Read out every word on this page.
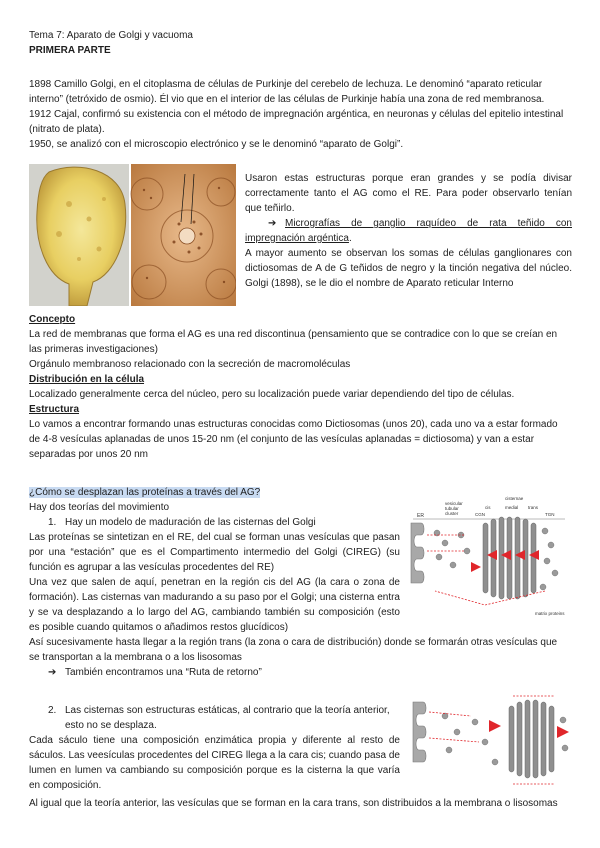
Tema 7: Aparato de Golgi y vacuoma
PRIMERA PARTE
1898 Camillo Golgi, en el citoplasma de células de Purkinje del cerebelo de lechuza. Le denominó “aparato reticular
interno” (tetróxido de osmio). Él vio que en el interior de las células de Purkinje había una zona de red membranosa.
1912 Cajal, confirmó su existencia con el método de impregnación argéntica, en neuronas y células del epitelio intestinal
(nitrato de plata).
1950, se analizó con el microscopio electrónico y se le denominó “aparato de Golgi”.
Usaron estas estructuras porque eran grandes y se podía divisar
correctamente tanto el AG como el RE. Para poder observarlo tenían
que teñirlo.
➔ Micrografías de ganglio raquídeo de rata teñido con
impregnación argéntica.
A mayor aumento se observan los somas de células ganglionares con
dictiosomas de A de G teñidos de negro y la tinción negativa del núcleo.
Golgi (1898), se le dio el nombre de Aparato reticular Interno
Concepto
La red de membranas que forma el AG es una red discontinua (pensamiento que se contradice con lo que se creían en
las primeras investigaciones)
Orgánulo membranoso relacionado con la secreción de macromoléculas
Distribución en la célula
Localizado generalmente cerca del núcleo, pero su localización puede variar dependiendo del tipo de células.
Estructura
Lo vamos a encontrar formando unas estructuras conocidas como Dictiosomas (unos 20), cada uno va a estar formado
de 4-8 vesículas aplanadas de unos 15-20 nm (el conjunto de las vesículas aplanadas = dictiosoma) y van a estar
separadas por unos 20 nm
¿Cómo se desplazan las proteínas a través del AG?
Hay dos teorías del movimiento
1. Hay un modelo de maduración de las cisternas del Golgi
Las proteínas se sintetizan en el RE, del cual se forman unas vesículas que pasan
por una “estación” que es el Compartimento intermedio del Golgi (CIREG) (su
función es agrupar a las vesículas procedentes del RE)
Una vez que salen de aquí, penetran en la región cis del AG (la cara o zona de
formación). Las cisternas van madurando a su paso por el Golgi; una cisterna entra
y se va desplazando a lo largo del AG, cambiando también su composición (esto
es posible cuando quitamos o añadimos restos glucídicos)
Así sucesivamente hasta llegar a la región trans (la zona o cara de distribución) donde se formarán otras vesículas que
se transportan a la membrana o a los lisosomas
➔ También encontramos una “Ruta de retorno”
2. Las cisternas son estructuras estáticas, al contrario que la teoría anterior,
esto no se desplaza.
Cada sáculo tiene una composición enzimática propia y diferente al resto de
sáculos. Las veesículas procedentes del CIREG llega a la cara cis; cuando pasa de
lumen en lumen va cambiando su composición porque es la cisterna la que varía
en composición.
Al igual que la teoría anterior, las vesículas que se forman en la cara trans, son distribuidos a la membrana o lisosomas
ER
vesicular
tubular
cluster
cisternae
cis	medial trans
CGN	TGN
matrix proteins
